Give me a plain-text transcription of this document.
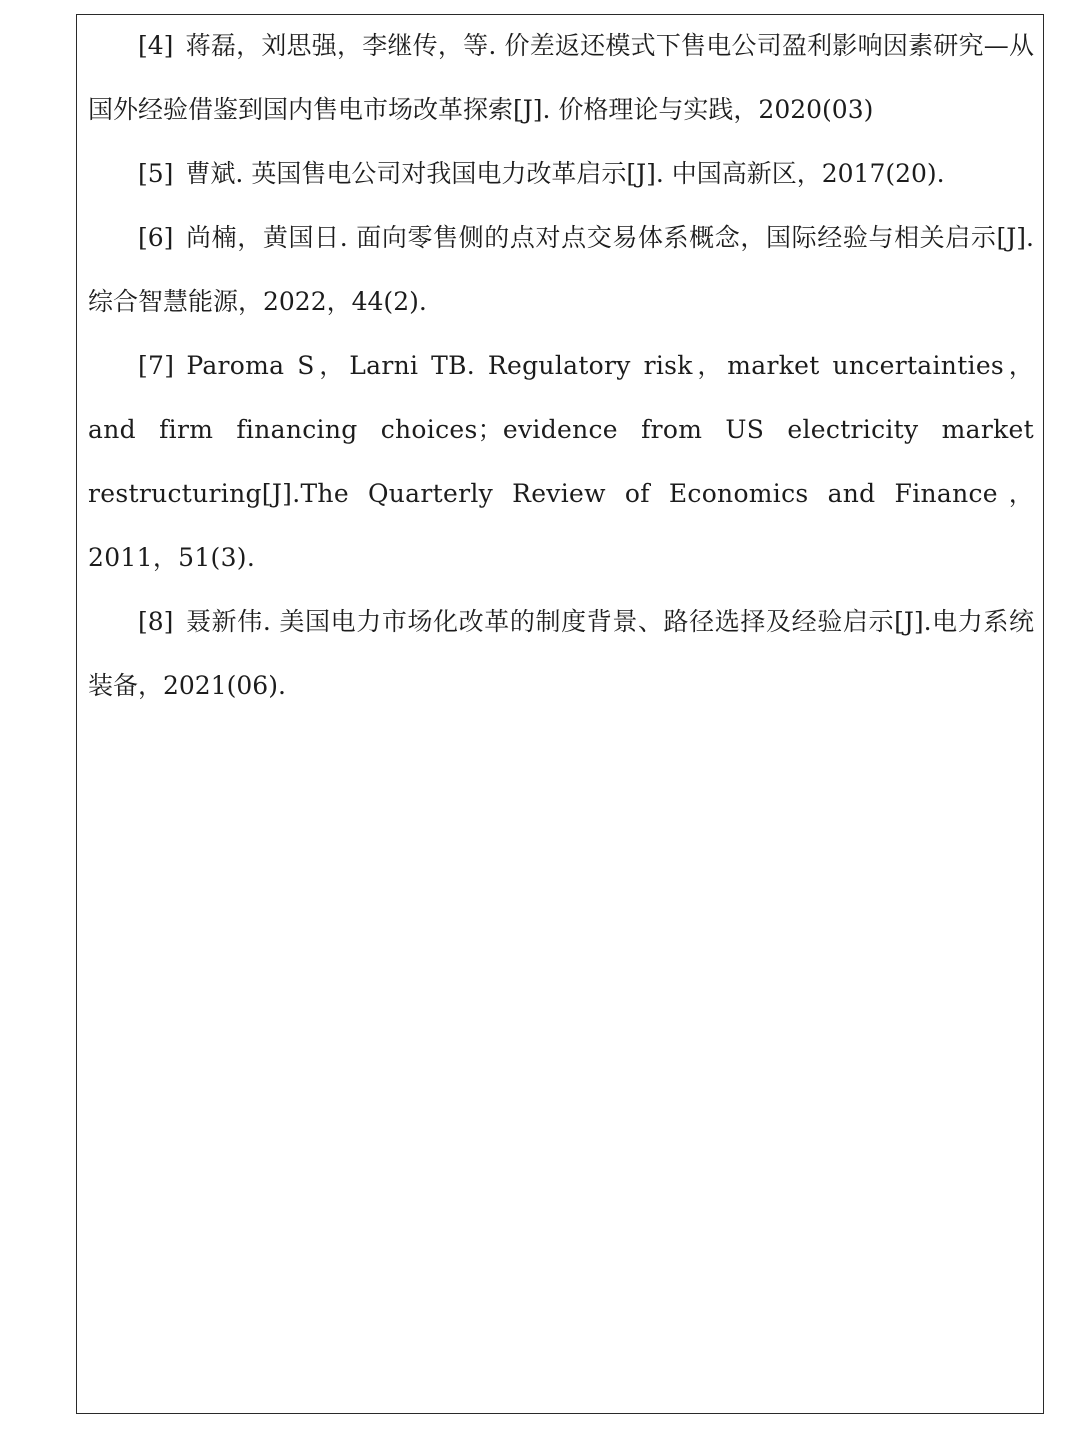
[4] 蒋磊，刘思强，李继传，等. 价差返还模式下售电公司盈利影响因素研究—从国外经验借鉴到国内售电市场改革探索[J]. 价格理论与实践，2020(03)

[5] 曹斌. 英国售电公司对我国电力改革启示[J]. 中国高新区，2017(20).

[6] 尚楠，黄国日. 面向零售侧的点对点交易体系概念，国际经验与相关启示[J].综合智慧能源，2022，44(2).

[7] Paroma S，Larni TB. Regulatory risk，market uncertainties，and firm financing choices；evidence from US electricity market restructuring[J].The Quarterly Review of Economics and Finance，2011，51(3).

[8] 聂新伟. 美国电力市场化改革的制度背景、路径选择及经验启示[J].电力系统装备，2021(06).
